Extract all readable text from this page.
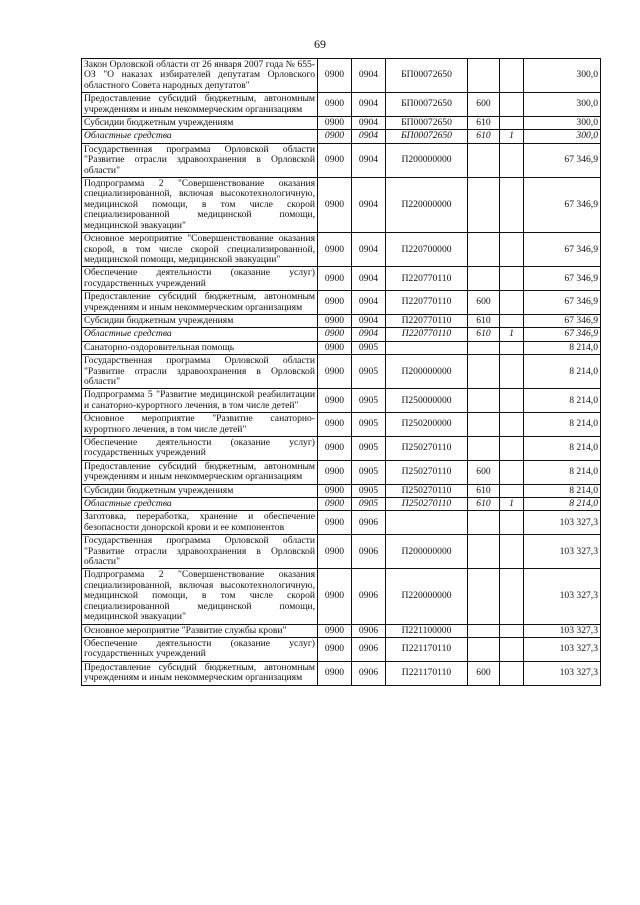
69
Закон Орловской области от 26 января 2007 года № 655-ОЗ "О наказах избирателей депутатам Орловского областного Совета народных депутатов"	0900	0904	БП00072650			300,0
Предоставление субсидий бюджетным, автономным учреждениям и иным некоммерческим организациям	0900	0904	БП00072650	600		300,0
Субсидии бюджетным учреждениям	0900	0904	БП00072650	610		300,0
Областные средства	0900	0904	БП00072650	610	1	300,0
Государственная программа Орловской области "Развитие отрасли здравоохранения в Орловской области"	0900	0904	П200000000			67 346,9
Подпрограмма 2 "Совершенствование оказания специализированной, включая высокотехнологичную, медицинской помощи, в том числе скорой специализированной медицинской помощи, медицинской эвакуации"	0900	0904	П220000000			67 346,9
Основное мероприятие "Совершенствование оказания скорой, в том числе скорой специализированной, медицинской помощи, медицинской эвакуации"	0900	0904	П220700000			67 346,9
Обеспечение деятельности (оказание услуг) государственных учреждений	0900	0904	П220770110			67 346,9
Предоставление субсидий бюджетным, автономным учреждениям и иным некоммерческим организациям	0900	0904	П220770110	600		67 346,9
Субсидии бюджетным учреждениям	0900	0904	П220770110	610		67 346,9
Областные средства	0900	0904	П220770110	610	1	67 346,9
Санаторно-оздоровительная помощь	0900	0905				8 214,0
Государственная программа Орловской области "Развитие отрасли здравоохранения в Орловской области"	0900	0905	П200000000			8 214,0
Подпрограмма 5 "Развитие медицинской реабилитации и санаторно-курортного лечения, в том числе детей"	0900	0905	П250000000			8 214,0
Основное мероприятие "Развитие санаторно-курортного лечения, в том числе детей"	0900	0905	П250200000			8 214,0
Обеспечение деятельности (оказание услуг) государственных учреждений	0900	0905	П250270110			8 214,0
Предоставление субсидий бюджетным, автономным учреждениям и иным некоммерческим организациям	0900	0905	П250270110	600		8 214,0
Субсидии бюджетным учреждениям	0900	0905	П250270110	610		8 214,0
Областные средства	0900	0905	П250270110	610	1	8 214,0
Заготовка, переработка, хранение и обеспечение безопасности донорской крови и ее компонентов	0900	0906				103 327,3
Государственная программа Орловской области "Развитие отрасли здравоохранения в Орловской области"	0900	0906	П200000000			103 327,3
Подпрограмма 2 "Совершенствование оказания специализированной, включая высокотехнологичную, медицинской помощи, в том числе скорой специализированной медицинской помощи, медицинской эвакуации"	0900	0906	П220000000			103 327,3
Основное мероприятие "Развитие службы крови"	0900	0906	П221100000			103 327,3
Обеспечение деятельности (оказание услуг) государственных учреждений	0900	0906	П221170110			103 327,3
Предоставление субсидий бюджетным, автономным учреждениям и иным некоммерческим организациям	0900	0906	П221170110	600		103 327,3
